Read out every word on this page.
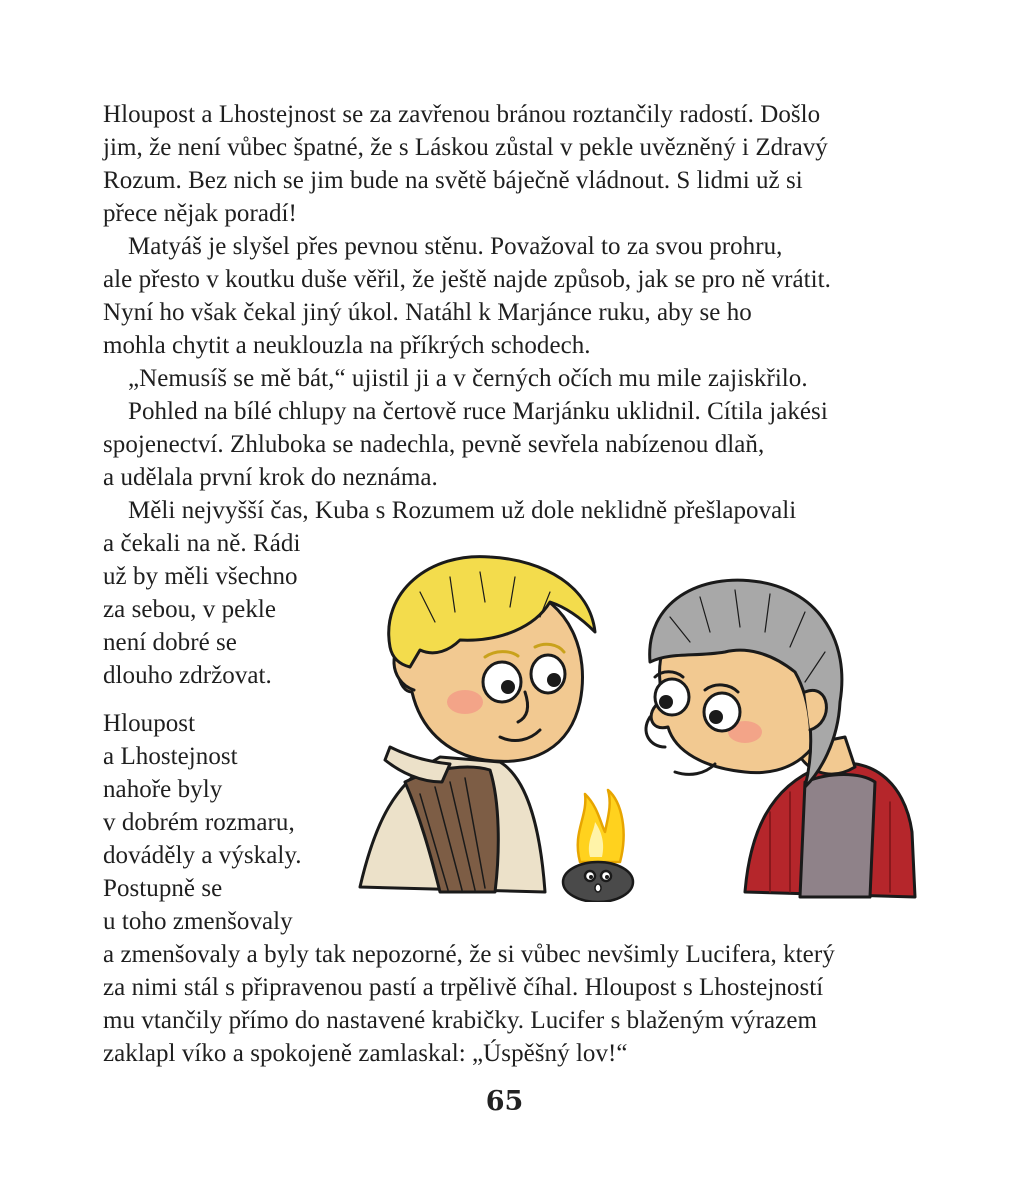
Hloupost a Lhostejnost se za zavřenou bránou roztančily radostí. Došlo
jim, že není vůbec špatné, že s Láskou zůstal v pekle uvězněný i Zdravý
Rozum. Bez nich se jim bude na světě báječně vládnout. S lidmi už si
přece nějak poradí!
Matyáš je slyšel přes pevnou stěnu. Považoval to za svou prohru,
ale přesto v koutku duše věřil, že ještě najde způsob, jak se pro ně vrátit.
Nyní ho však čekal jiný úkol. Natáhl k Marjánce ruku, aby se ho
mohla chytit a neuklouzla na příkrých schodech.
„Nemusíš se mě bát,“ ujistil ji a v černých očích mu mile zajiskřilo.
Pohled na bílé chlupy na čertově ruce Marjánku uklidnil. Cítila jakési
spojenectví. Zhluboka se nadechla, pevně sevřela nabízenou dlaň,
a udělala první krok do neznáma.
Měli nejvyšší čas, Kuba s Rozumem už dole neklidně přešlapovali
a čekali na ně. Rádi
už by měli všechno
za sebou, v pekle
není dobré se
dlouho zdržovat.
Hloupost
a Lhostejnost
nahoře byly
v dobrém rozmaru,
dováděly a výskaly.
Postupně se
u toho zmenšovaly
a zmenšovaly a byly tak nepozorné, že si vůbec nevšimly Lucifera, který
za nimi stál s připravenou pastí a trpělivě číhal. Hloupost s Lhostejností
mu vtančily přímo do nastavené krabičky. Lucifer s blaženým výrazem
zaklapl víko a spokojeně zamlaskal: „Úspěšný lov!“
65
